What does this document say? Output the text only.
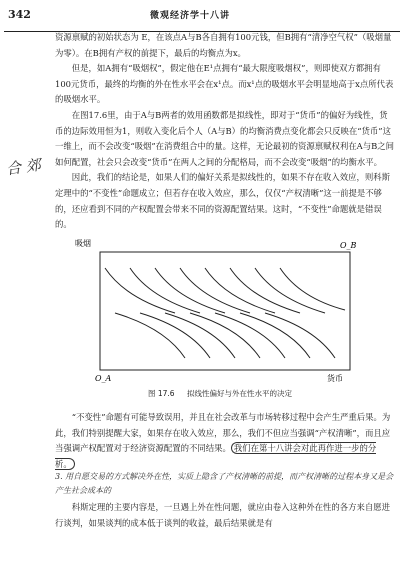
342	微观经济学十八讲

资源禀赋的初始状态为 E，在该点A与B各自拥有100元钱，但B拥有“清净空气权”（吸烟量为零）。在B拥有产权的前提下，最后的均衡点为x。

但是，如A拥有“吸烟权”，假定他在E¹点拥有“最大限度吸烟权”，则即使双方都拥有100元货币，最终的均衡的外在性水平会在x¹点。而x¹点的吸烟水平会明显地高于x点所代表的吸烟水平。

在图17.6里，由于A与B两者的效用函数都是拟线性，即对于“货币”的偏好为线性，货币的边际效用恒为1，则收入变化后个人（A与B）的均衡消费点变化都会只反映在“货币”这一维上，而不会改变“吸烟”在消费组合中的量。这样，无论最初的资源禀赋权利在A与B之间如何配置，社会只会改变“货币”在两人之间的分配格局，而不会改变“吸烟”的均衡水平。

因此，我们的结论是，如果人们的偏好关系是拟线性的，如果不存在收入效应，则科斯定理中的“不变性”命题成立；但若存在收入效应，那么，仅仅“产权清晰”这一前提是不够的，还应看到不同的产权配置会带来不同的资源配置结果。这时，“不变性”命题就是错误的。

合 郊
吸烟	O_B
O_A	货币
图 17.6 拟线性偏好与外在性水平的决定

“不变性”命题有可能导致误用，并且在社会改革与市场转移过程中会产生严重后果。为此，我们特别提醒大家，如果存在收入效应，那么，我们不但应当强调“产权清晰”，而且应当强调产权配置对于经济资源配置的不同结果。 我们在第十八讲会对此再作进一步的分析。

3. 用自愿交易的方式解决外在性，实质上隐含了产权清晰的前提，而产权清晰的过程本身又是会产生社会成本的

科斯定理的主要内容是，一旦遇上外在性问题，就应由卷入这种外在性的各方来自愿进行谈判，如果谈判的成本低于谈判的收益，最后结果就是有
